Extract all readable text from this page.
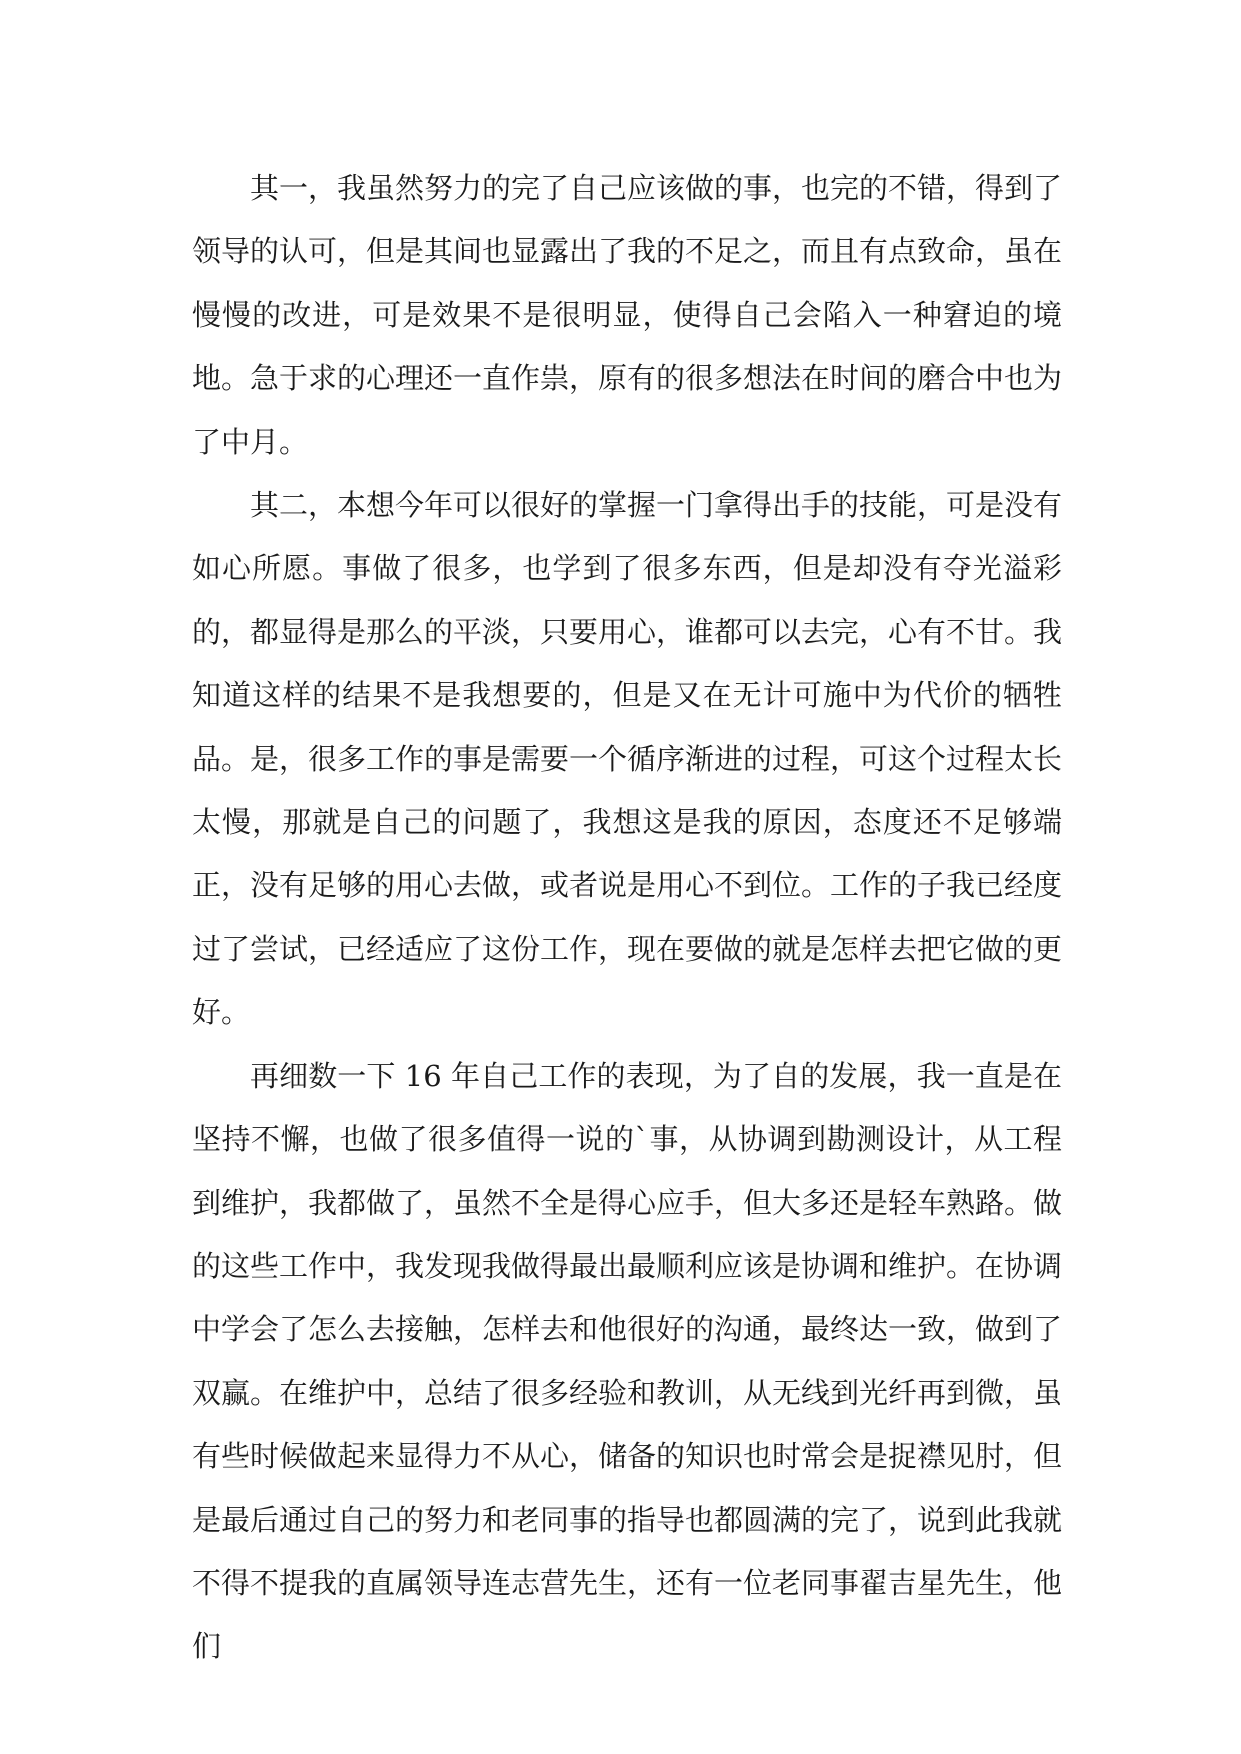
其一，我虽然努力的完了自己应该做的事，也完的不错，得到了领导的认可，但是其间也显露出了我的不足之，而且有点致命，虽在慢慢的改进，可是效果不是很明显，使得自己会陷入一种窘迫的境地。急于求的心理还一直作祟，原有的很多想法在时间的磨合中也为了中月。

其二，本想今年可以很好的掌握一门拿得出手的技能，可是没有如心所愿。事做了很多，也学到了很多东西，但是却没有夺光溢彩的，都显得是那么的平淡，只要用心，谁都可以去完，心有不甘。我知道这样的结果不是我想要的，但是又在无计可施中为代价的牺牲品。是，很多工作的事是需要一个循序渐进的过程，可这个过程太长太慢，那就是自己的问题了，我想这是我的原因，态度还不足够端正，没有足够的用心去做，或者说是用心不到位。工作的子我已经度过了尝试，已经适应了这份工作，现在要做的就是怎样去把它做的更好。

再细数一下 16 年自己工作的表现，为了自的发展，我一直是在坚持不懈，也做了很多值得一说的`事，从协调到勘测设计，从工程到维护，我都做了，虽然不全是得心应手，但大多还是轻车熟路。做的这些工作中，我发现我做得最出最顺利应该是协调和维护。在协调中学会了怎么去接触，怎样去和他很好的沟通，最终达一致，做到了双赢。在维护中，总结了很多经验和教训，从无线到光纤再到微，虽有些时候做起来显得力不从心，储备的知识也时常会是捉襟见肘，但是最后通过自己的努力和老同事的指导也都圆满的完了，说到此我就不得不提我的直属领导连志营先生，还有一位老同事翟吉星先生，他们
